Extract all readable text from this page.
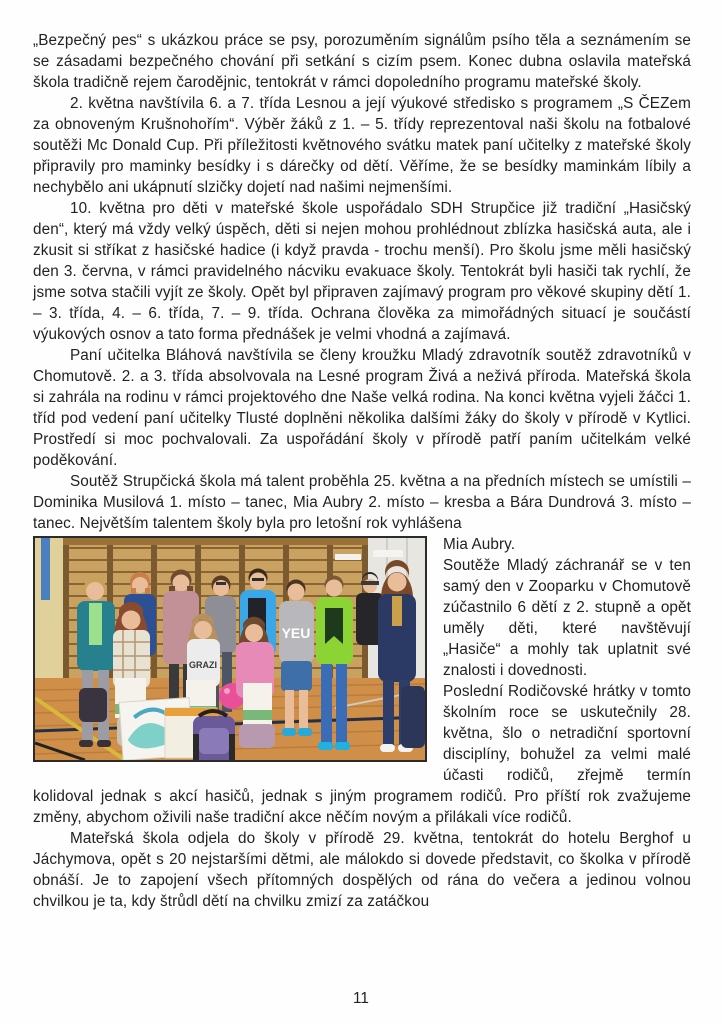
„Bezpečný pes“ s ukázkou práce se psy, porozuměním signálům psího těla a seznámením se se zásadami bezpečného chování při setkání s cizím psem. Konec dubna oslavila mateřská škola tradičně rejem čarodějnic, tentokrát v rámci dopoledního programu mateřské školy.

2. května navštívila 6. a 7. třída Lesnou a její výukové středisko s programem „S ČEZem za obnoveným Krušnohořím“. Výběr žáků z 1. – 5. třídy reprezentoval naši školu na fotbalové soutěži Mc Donald Cup. Při příležitosti květnového svátku matek paní učitelky z mateřské školy připravily pro maminky besídky i s dárečky od dětí. Věříme, že se besídky maminkám líbily a nechybělo ani ukápnutí slzičky dojetí nad našimi nejmenšími.

10. května pro děti v mateřské škole uspořádalo SDH Strupčice již tradiční „Hasičský den“, který má vždy velký úspěch, děti si nejen mohou prohlédnout zblízka hasičská auta, ale i zkusit si stříkat z hasičské hadice (i když pravda - trochu menší). Pro školu jsme měli hasičský den 3. června, v rámci pravidelného nácviku evakuace školy. Tentokrát byli hasiči tak rychlí, že jsme sotva stačili vyjít ze školy. Opět byl připraven zajímavý program pro věkové skupiny dětí 1. – 3. třída, 4. – 6. třída, 7. – 9. třída. Ochrana člověka za mimořádných situací je součástí výukových osnov a tato forma přednášek je velmi vhodná a zajímavá.

Paní učitelka Bláhová navštívila se členy kroužku Mladý zdravotník soutěž zdravotníků v Chomutově. 2. a 3. třída absolvovala na Lesné program Živá a neživá příroda. Mateřská škola si zahrála na rodinu v rámci projektového dne Naše velká rodina. Na konci května vyjeli žáčci 1. tříd pod vedení paní učitelky Tlusté doplněni několika dalšími žáky do školy v přírodě v Kytlici. Prostředí si moc pochvalovali. Za uspořádání školy v přírodě patří paním učitelkám velké poděkování.

Soutěž Strupčická škola má talent proběhla 25. května a na předních místech se umístili – Dominika Musilová 1. místo – tanec, Mia Aubry 2. místo – kresba a Bára Dundrová 3. místo – tanec. Největším talentem školy byla pro letošní rok vyhlášena

YEU
GRAZI

Mia Aubry.

Soutěže Mladý záchranář se v ten samý den v Zooparku v Chomutově zúčastnilo 6 dětí z 2. stupně a opět uměly děti, které navštěvují „Hasiče“ a mohly tak uplatnit své znalosti i dovednosti.

Poslední Rodičovské hrátky v tomto školním roce se uskutečnily 28. května, šlo o netradiční sportovní disciplíny, bohužel za velmi malé účasti rodičů, zřejmě termín kolidoval jednak s akcí hasičů, jednak s jiným programem rodičů. Pro příští rok zvažujeme změny, abychom oživili naše tradiční akce něčím novým a přilákali více rodičů.

Mateřská škola odjela do školy v přírodě 29. května, tentokrát do hotelu Berghof u Jáchymova, opět s 20 nejstaršími dětmi, ale málokdo si dovede představit, co školka v přírodě obnáší. Je to zapojení všech přítomných dospělých od rána do večera a jedinou volnou chvilkou je ta, kdy štrůdl dětí na chvilku zmizí za zatáčkou

11
